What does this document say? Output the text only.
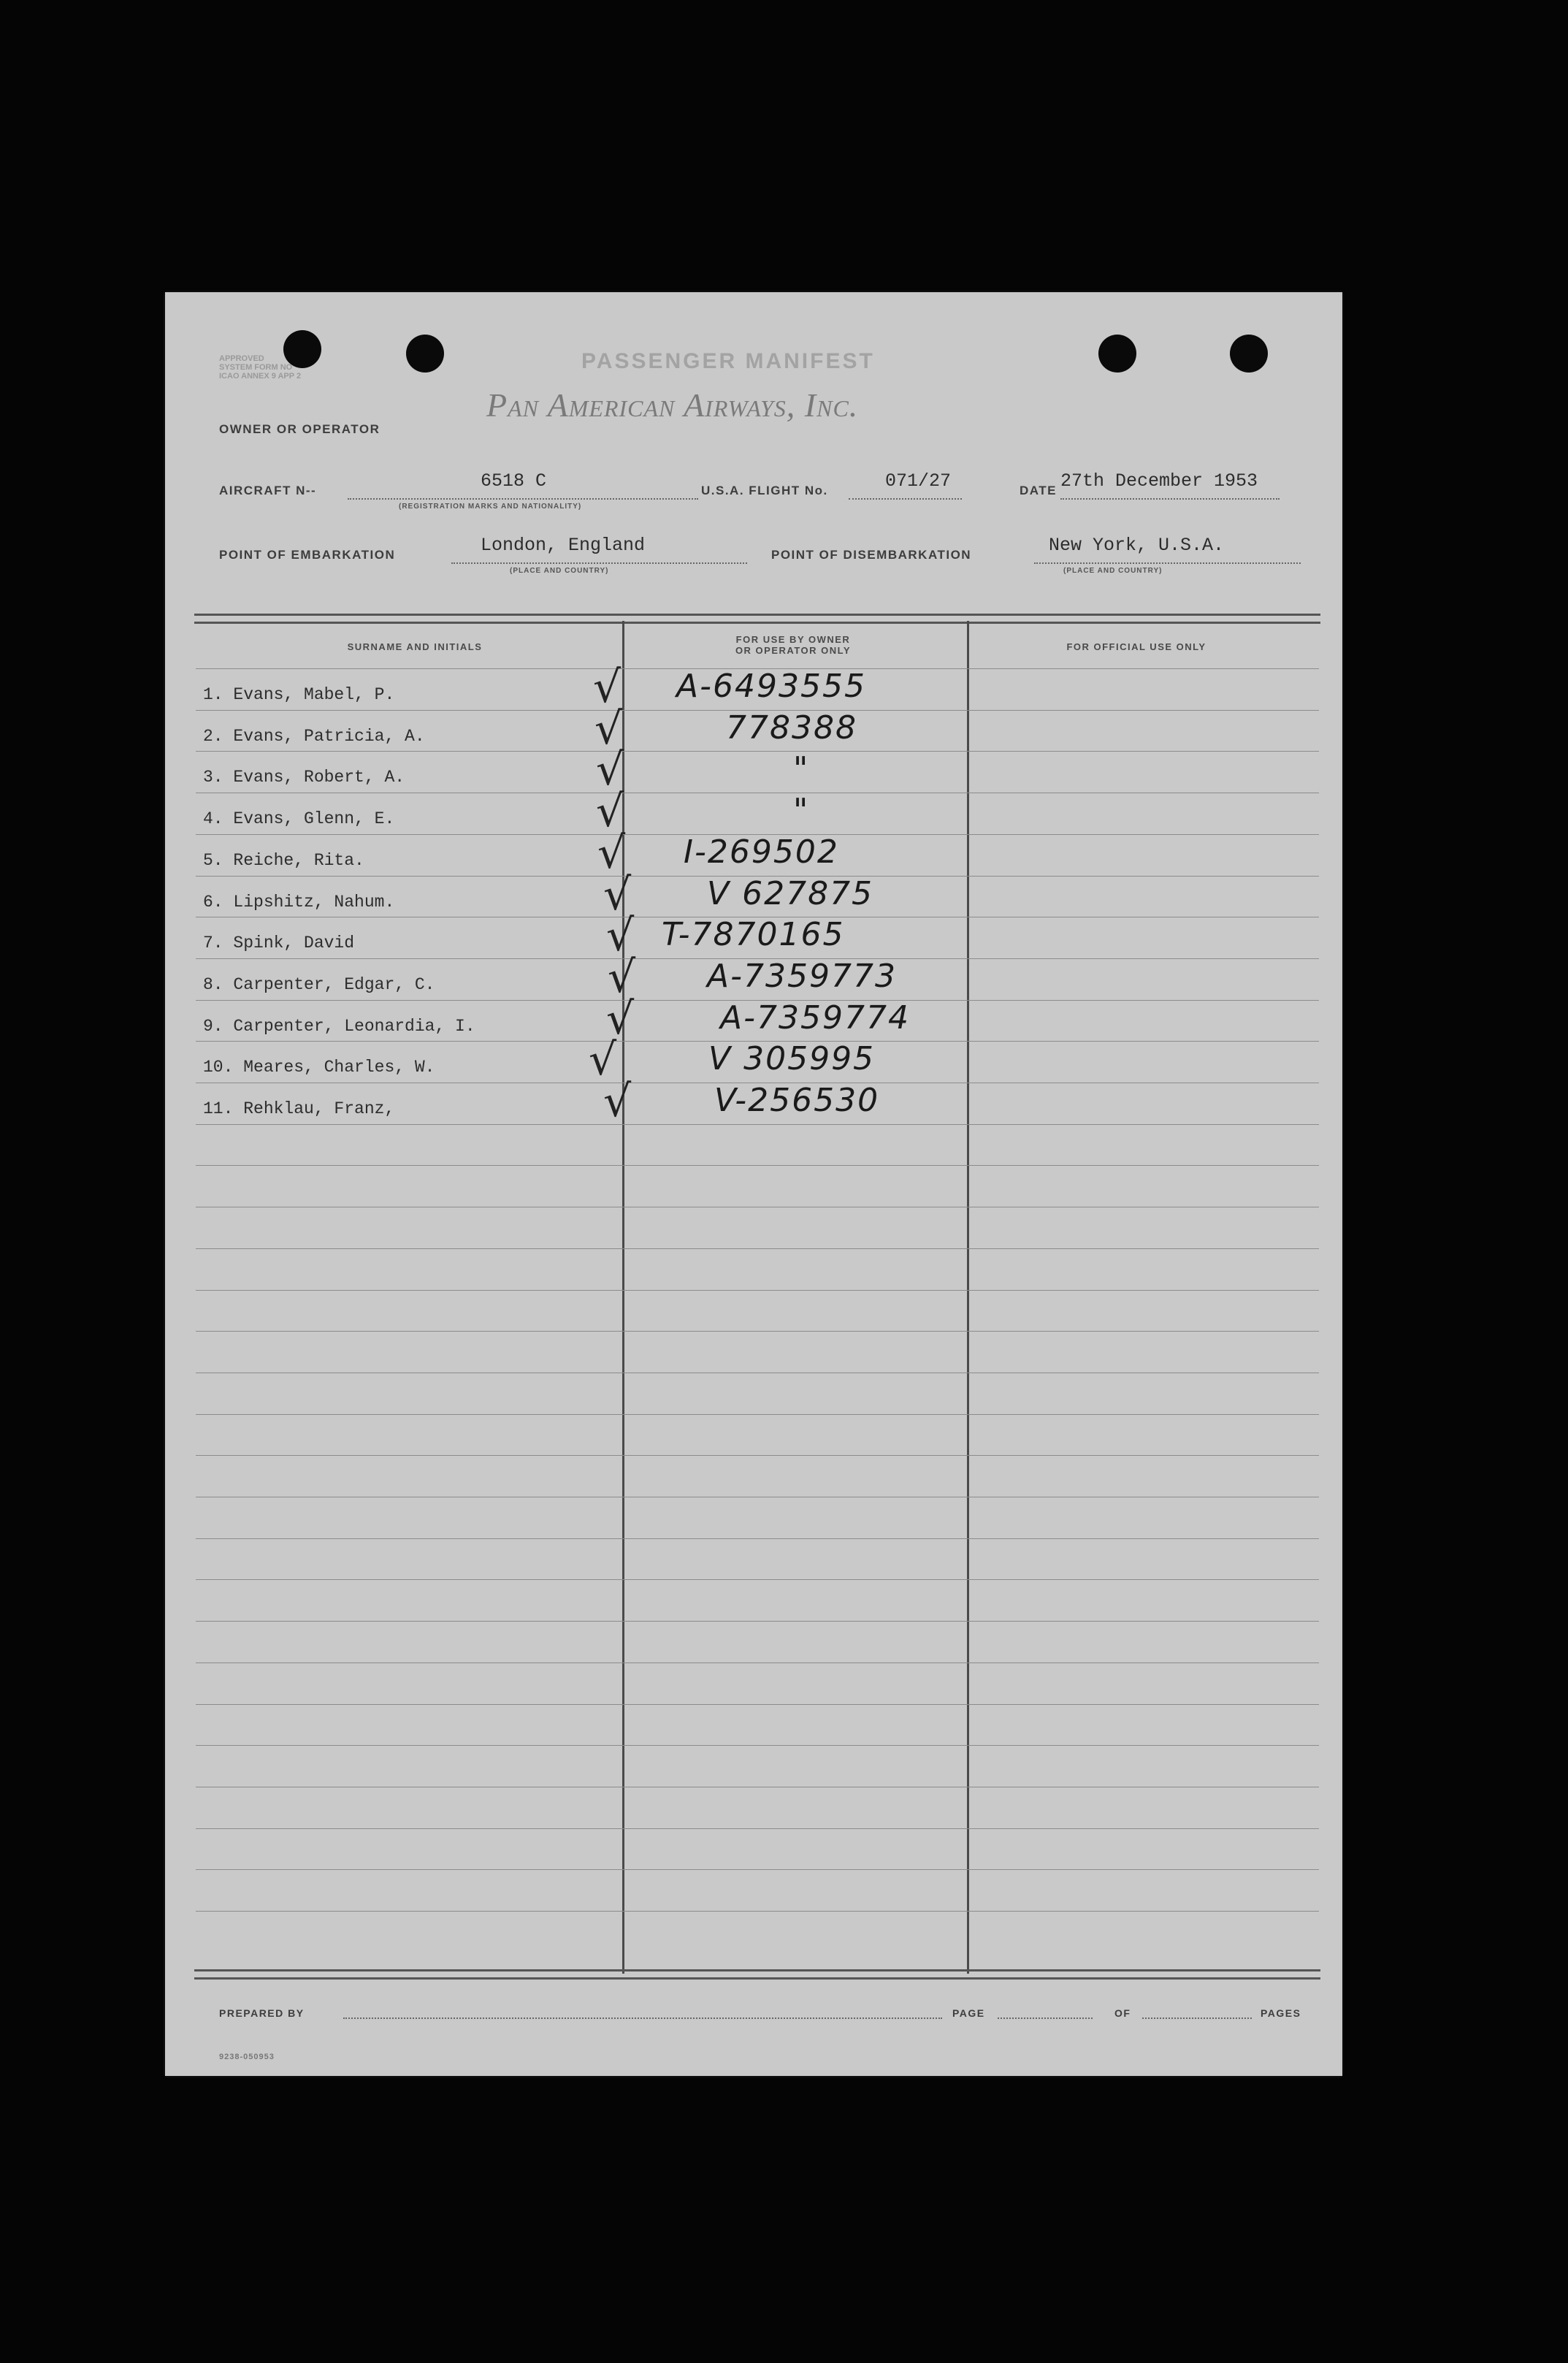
APPROVED
SYSTEM FORM NO
ICAO ANNEX 9 APP 2
PASSENGER MANIFEST
Pan American Airways, Inc.
OWNER OR OPERATOR
AIRCRAFT N--	6518 C
(REGISTRATION MARKS AND NATIONALITY)
U.S.A. FLIGHT No.	071/27	DATE 27th December 1953
POINT OF EMBARKATION	London, England
(PLACE AND COUNTRY)
POINT OF DISEMBARKATION	New York, U.S.A.
(PLACE AND COUNTRY)
SURNAME AND INITIALS
FOR USE BY OWNER
OR OPERATOR ONLY	FOR OFFICIAL USE ONLY
1. Evans, Mabel, P.	√ A-6493555
2. Evans, Patricia, A.	√	778388
3. Evans, Robert, A.	√	"
4. Evans, Glenn, E.	√	"
5. Reiche, Rita.	√ I-269502
6. Lipshitz, Nahum.	√ V 627875
7. Spink, David	√ T-7870165
8. Carpenter, Edgar, C.	√ A-7359773
9. Carpenter, Leonardia, I.	√	A-7359774
10. Meares, Charles, W.	√	V 305995
11. Rehklau, Franz,	√	V-256530
PREPARED BY	PAGE	OF	PAGES
9238-050953
